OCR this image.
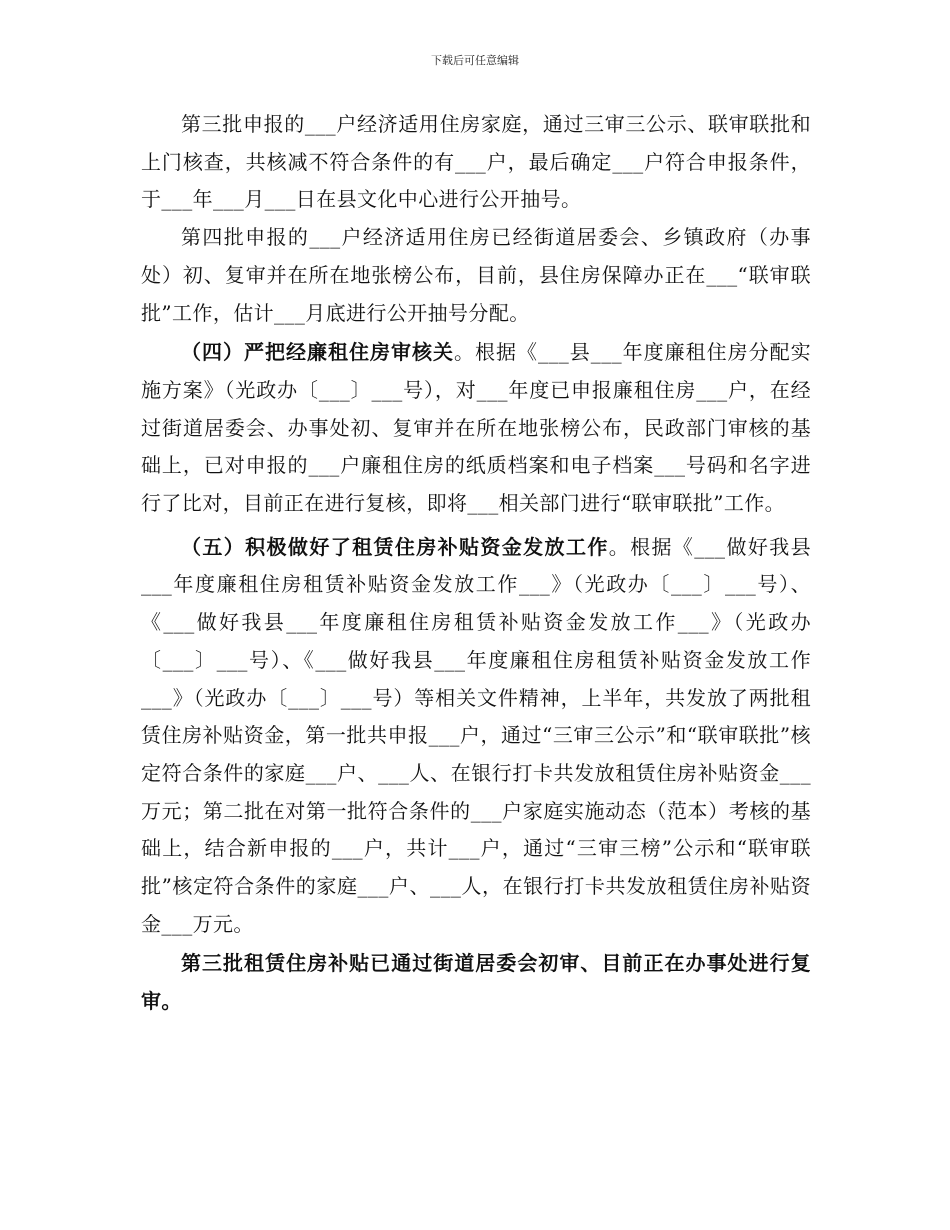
下载后可任意编辑

第三批申报的___户经济适用住房家庭，通过三审三公示、联审联批和上门核查，共核减不符合条件的有___户，最后确定___户符合申报条件，于___年___月___日在县文化中心进行公开抽号。

第四批申报的___户经济适用住房已经街道居委会、乡镇政府（办事处）初、复审并在所在地张榜公布，目前，县住房保障办正在___“联审联批”工作，估计___月底进行公开抽号分配。

（四）严把经廉租住房审核关。根据《___县___年度廉租住房分配实施方案》（光政办〔___〕___号），对___年度已申报廉租住房___户，在经过街道居委会、办事处初、复审并在所在地张榜公布，民政部门审核的基础上，已对申报的___户廉租住房的纸质档案和电子档案___号码和名字进行了比对，目前正在进行复核，即将___相关部门进行“联审联批”工作。

（五）积极做好了租赁住房补贴资金发放工作。根据《___做好我县___年度廉租住房租赁补贴资金发放工作___》（光政办〔___〕___号）、《___做好我县___年度廉租住房租赁补贴资金发放工作___》（光政办〔___〕___号）、《___做好我县___年度廉租住房租赁补贴资金发放工作___》（光政办〔___〕___号）等相关文件精神，上半年，共发放了两批租赁住房补贴资金，第一批共申报___户，通过“三审三公示”和“联审联批”核定符合条件的家庭___户、___人、在银行打卡共发放租赁住房补贴资金___万元；第二批在对第一批符合条件的___户家庭实施动态（范本）考核的基础上，结合新申报的___户，共计___户，通过“三审三榜”公示和“联审联批”核定符合条件的家庭___户、___人，在银行打卡共发放租赁住房补贴资金___万元。

第三批租赁住房补贴已通过街道居委会初审、目前正在办事处进行复审。
